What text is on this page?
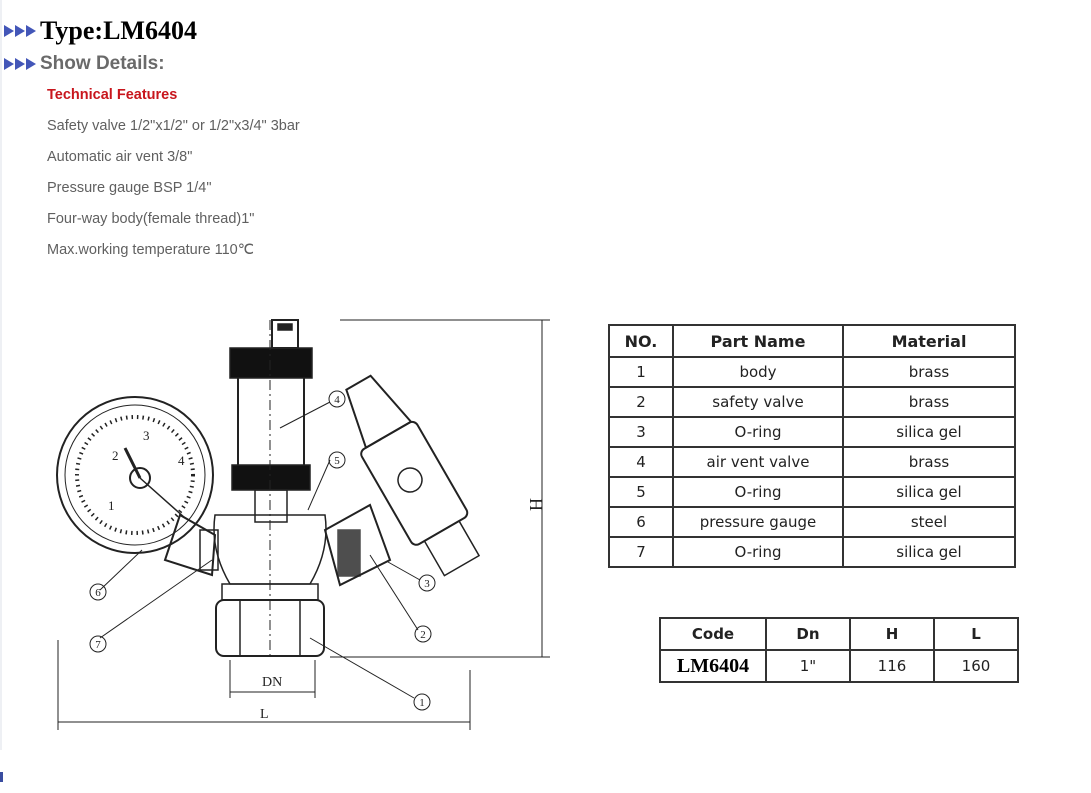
Type:LM6404
Show Details:
Technical Features
Safety valve 1/2"x1/2" or 1/2"x3/4" 3bar
Automatic air vent 3/8"
Pressure gauge BSP 1/4"
Four-way body(female thread)1"
Max.working temperature 110℃
1
2
3
4
1
2
3
4
5
6
7
H
DN
L
NO.	Part Name	Material
1	body	brass
2	safety valve	brass
3	O-ring	silica gel
4	air vent valve	brass
5	O-ring	silica gel
6	pressure gauge	steel
7	O-ring	silica gel
Code	Dn	H	L
LM6404	1"	116	160
